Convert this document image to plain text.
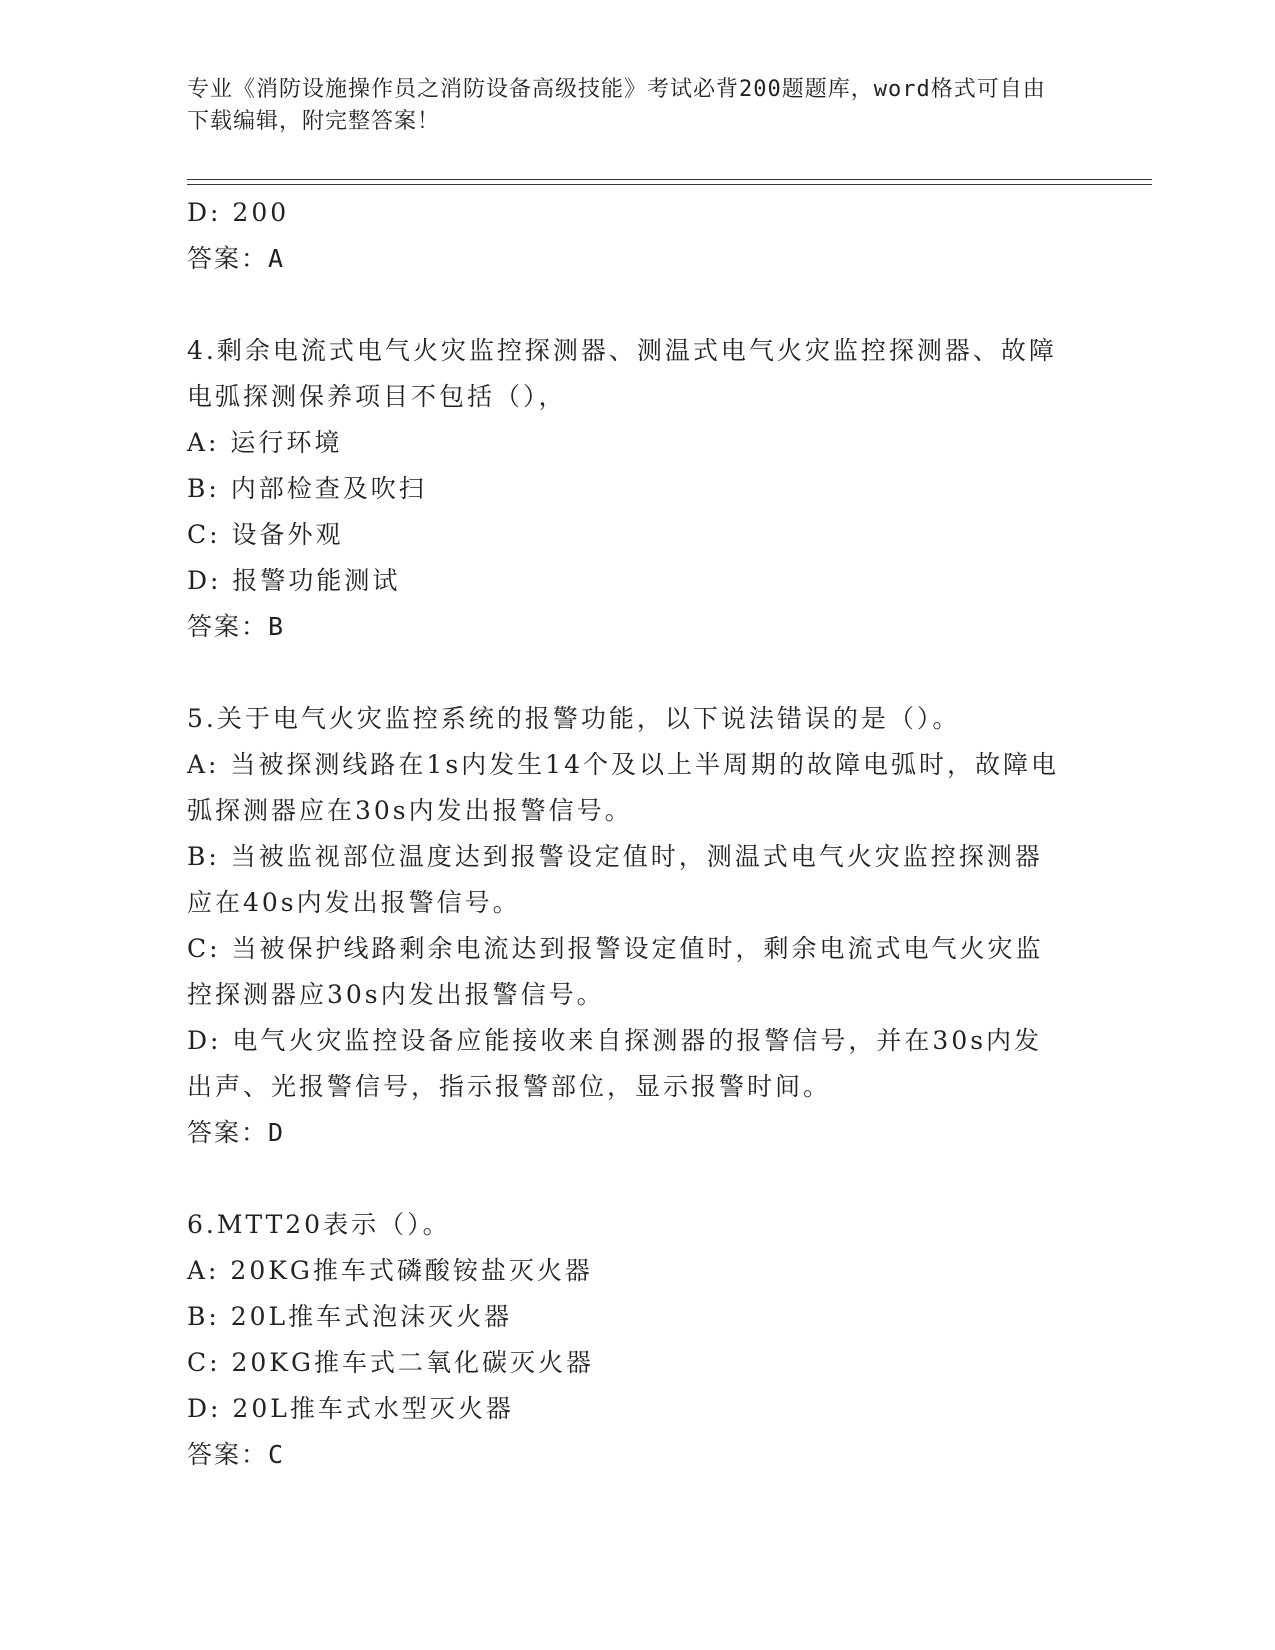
专业《消防设施操作员之消防设备高级技能》考试必背200题题库，word格式可自由下载编辑，附完整答案！

D: 200

答案：A

4.剩余电流式电气火灾监控探测器、测温式电气火灾监控探测器、故障电弧探测保养项目不包括（），

A: 运行环境

B: 内部检查及吹扫

C: 设备外观

D: 报警功能测试

答案：B

5.关于电气火灾监控系统的报警功能，以下说法错误的是（）。

A: 当被探测线路在1s内发生14个及以上半周期的故障电弧时，故障电弧探测器应在30s内发出报警信号。

B: 当被监视部位温度达到报警设定值时，测温式电气火灾监控探测器应在40s内发出报警信号。

C: 当被保护线路剩余电流达到报警设定值时，剩余电流式电气火灾监控探测器应30s内发出报警信号。

D: 电气火灾监控设备应能接收来自探测器的报警信号，并在30s内发出声、光报警信号，指示报警部位，显示报警时间。

答案：D

6.MTT20表示（）。

A: 20KG推车式磷酸铵盐灭火器

B: 20L推车式泡沫灭火器

C: 20KG推车式二氧化碳灭火器

D: 20L推车式水型灭火器

答案：C
